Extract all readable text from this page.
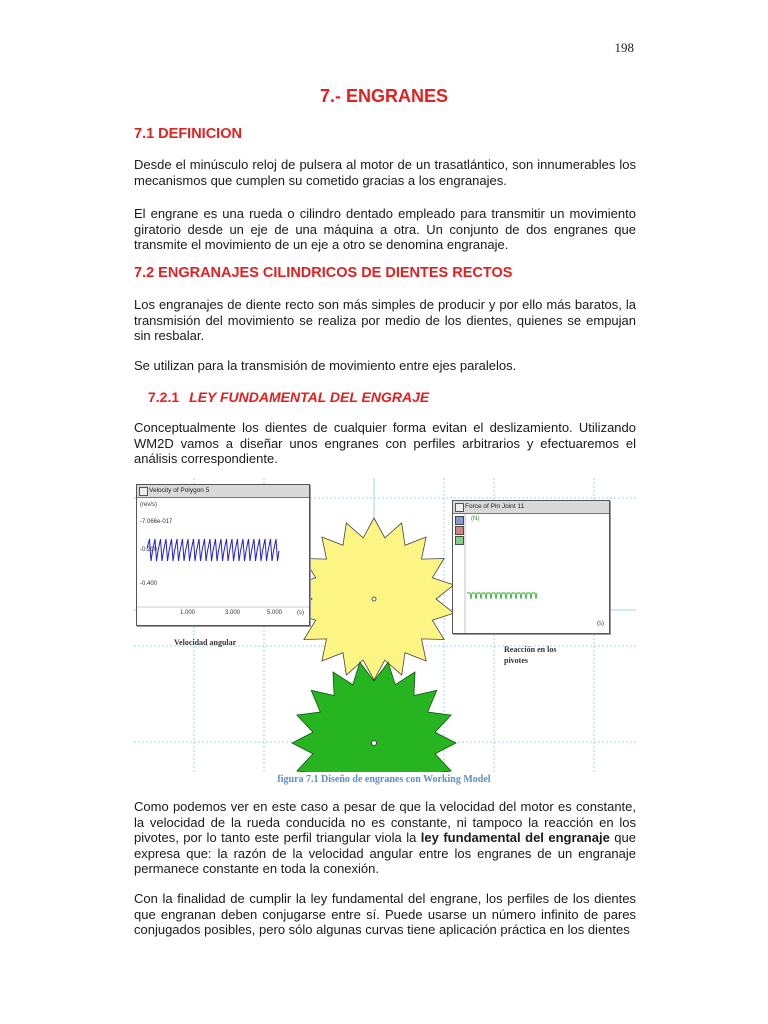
198
7.- ENGRANES
7.1 DEFINICION
Desde el minúsculo reloj de pulsera al motor de un trasatlántico, son innumerables los mecanismos que cumplen su cometido gracias a los engranajes.
El engrane es una rueda o cilindro dentado empleado para transmitir un movimiento giratorio desde un eje de una máquina a otra. Un conjunto de dos engranes que transmite el movimiento de un eje a otro se denomina engranaje.
7.2 ENGRANAJES CILINDRICOS DE DIENTES RECTOS
Los engranajes de diente recto son más simples de producir y por ello más baratos, la transmisión del movimiento se realiza por medio de los dientes, quienes se empujan sin resbalar.
Se utilizan para la transmisión de movimiento entre ejes paralelos.
7.2.1 LEY FUNDAMENTAL DEL ENGRAJE
Conceptualmente los dientes de cualquier forma evitan el deslizamiento. Utilizando WM2D vamos a diseñar unos engranes con perfiles arbitrarios y efectuaremos el análisis correspondiente.
Velocity of Polygon 5
(rev/s)
-7.066e-017
-0.200
-0.400
1.000	3.000	5.000 (s)
Force of Pin Joint 11
(N)
(s)
Velocidad angular
Reacción en los pivotes
figura 7.1 Diseño de engranes con Working Model
Como podemos ver en este caso a pesar de que la velocidad del motor es constante, la velocidad de la rueda conducida no es constante, ni tampoco la reacción en los pivotes, por lo tanto este perfil triangular viola la ley fundamental del engranaje que expresa que: la razón de la velocidad angular entre los engranes de un engranaje permanece constante en toda la conexión.
Con la finalidad de cumplir la ley fundamental del engrane, los perfiles de los dientes que engranan deben conjugarse entre sí. Puede usarse un número infinito de pares conjugados posibles, pero sólo algunas curvas tiene aplicación práctica en los dientes
